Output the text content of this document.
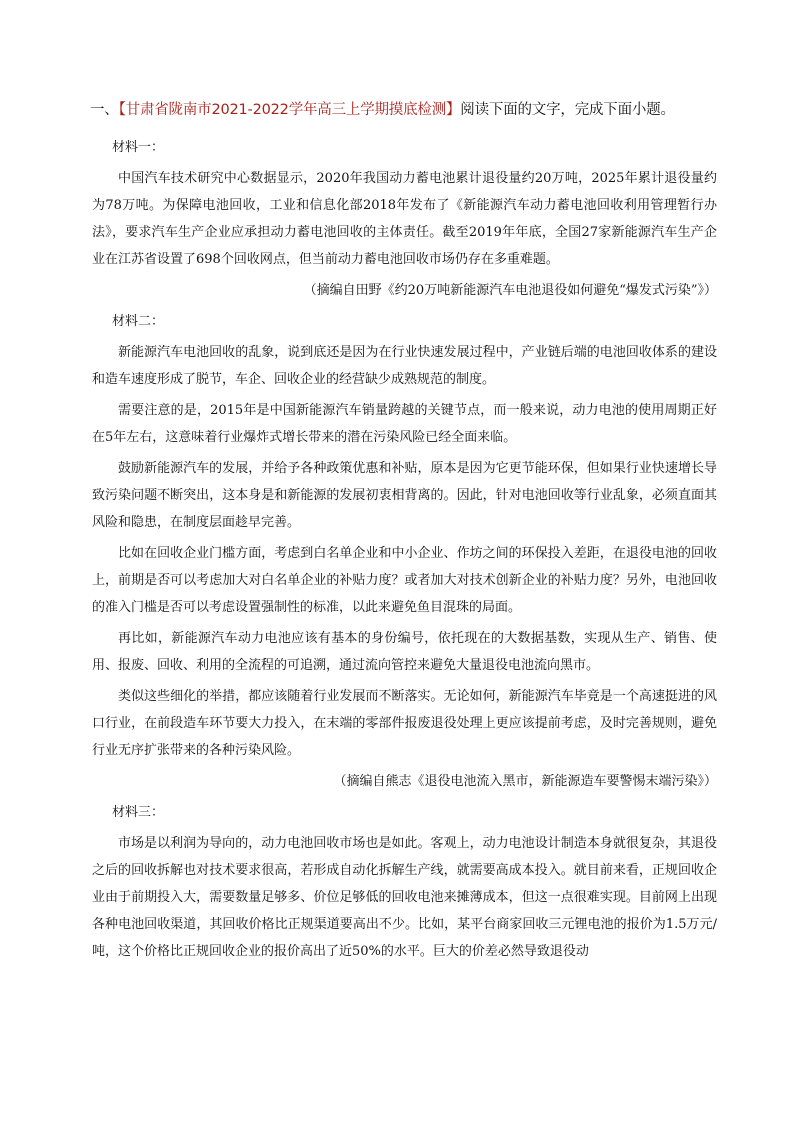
一、【甘肃省陇南市2021-2022学年高三上学期摸底检测】阅读下面的文字，完成下面小题。
材料一：

中国汽车技术研究中心数据显示，2020年我国动力蓄电池累计退役量约20万吨，2025年累计退役量约为78万吨。为保障电池回收，工业和信息化部2018年发布了《新能源汽车动力蓄电池回收利用管理暂行办法》，要求汽车生产企业应承担动力蓄电池回收的主体责任。截至2019年年底，全国27家新能源汽车生产企业在江苏省设置了698个回收网点，但当前动力蓄电池回收市场仍存在多重难题。

（摘编自田野《约20万吨新能源汽车电池退役如何避免“爆发式污染”》）
材料二：

新能源汽车电池回收的乱象，说到底还是因为在行业快速发展过程中，产业链后端的电池回收体系的建设和造车速度形成了脱节，车企、回收企业的经营缺少成熟规范的制度。

需要注意的是，2015年是中国新能源汽车销量跨越的关键节点，而一般来说，动力电池的使用周期正好在5年左右，这意味着行业爆炸式增长带来的潜在污染风险已经全面来临。

鼓励新能源汽车的发展，并给予各种政策优惠和补贴，原本是因为它更节能环保，但如果行业快速增长导致污染问题不断突出，这本身是和新能源的发展初衷相背离的。因此，针对电池回收等行业乱象，必须直面其风险和隐患，在制度层面趁早完善。

比如在回收企业门槛方面，考虑到白名单企业和中小企业、作坊之间的环保投入差距，在退役电池的回收上，前期是否可以考虑加大对白名单企业的补贴力度？或者加大对技术创新企业的补贴力度？另外，电池回收的准入门槛是否可以考虑设置强制性的标准，以此来避免鱼目混珠的局面。

再比如，新能源汽车动力电池应该有基本的身份编号，依托现在的大数据基数，实现从生产、销售、使用、报废、回收、利用的全流程的可追溯，通过流向管控来避免大量退役电池流向黑市。

类似这些细化的举措，都应该随着行业发展而不断落实。无论如何，新能源汽车毕竟是一个高速挺进的风口行业，在前段造车环节要大力投入，在末端的零部件报废退役处理上更应该提前考虑，及时完善规则，避免行业无序扩张带来的各种污染风险。

（摘编自熊志《退役电池流入黑市，新能源造车要警惕末端污染》）
材料三：

市场是以利润为导向的，动力电池回收市场也是如此。客观上，动力电池设计制造本身就很复杂，其退役之后的回收拆解也对技术要求很高，若形成自动化拆解生产线，就需要高成本投入。就目前来看，正规回收企业由于前期投入大，需要数量足够多、价位足够低的回收电池来摊薄成本，但这一点很难实现。目前网上出现各种电池回收渠道，其回收价格比正规渠道要高出不少。比如，某平台商家回收三元锂电池的报价为1.5万元/吨，这个价格比正规回收企业的报价高出了近50%的水平。巨大的价差必然导致退役动
